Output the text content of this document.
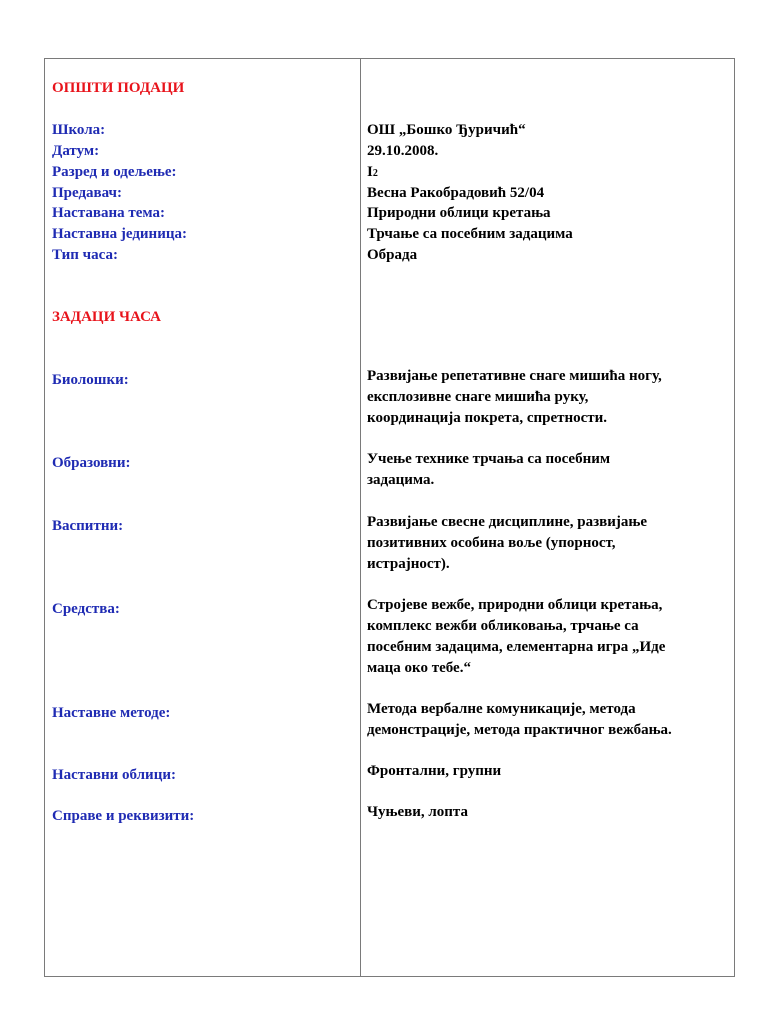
ОПШТИ ПОДАЦИ
Школа:
Датум:
Разред и одељење:
Предавач:
Наставана тема:
Наставна јединица:
Тип часа:
ЗАДАЦИ ЧАСА
Биолошки:
Образовни:
Васпитни:
Средства:
Наставне методе:
Наставни облици:
Справе и реквизити:
ОШ „Бошко Ђуричић“
29.10.2008.
I2
Весна Ракобрадовић 52/04
Природни облици кретања
Трчање са посебним задацима
Обрада
Развијање репетативне снаге мишића ногу,
експлозивне снаге мишића руку,
координација покрета, спретности.
Учење технике трчања са посебним
задацима.
Развијање свесне дисциплине, развијање
позитивних особина воље (упорност,
истрајност).
Стројеве вежбе, природни облици кретања,
комплекс вежби обликовања, трчање са
посебним задацима, елементарна игра „Иде
маца око тебе.“
Метода вербалне комуникације, метода
демонстрације, метода практичног вежбања.
Фронтални, групни
Чуњеви, лопта
